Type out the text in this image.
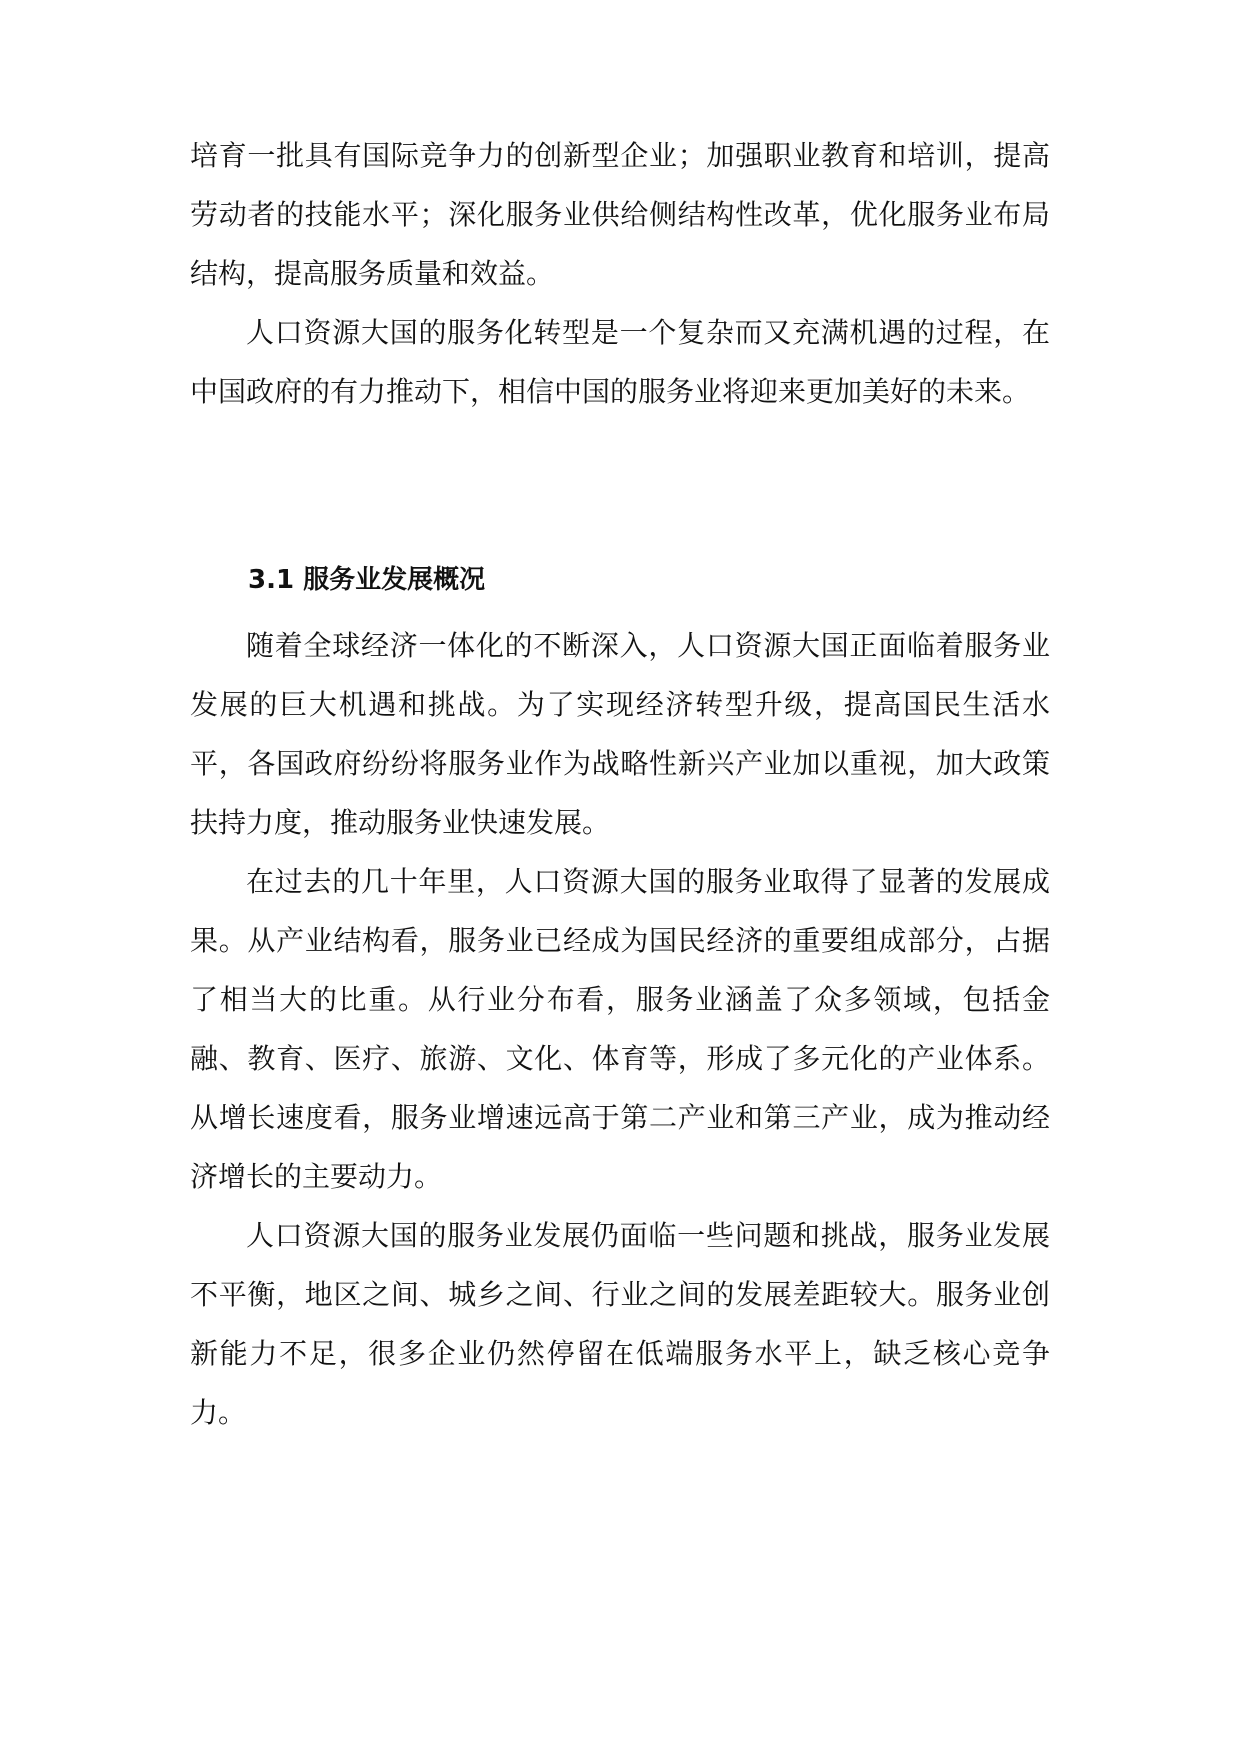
培育一批具有国际竞争力的创新型企业；加强职业教育和培训，提高劳动者的技能水平；深化服务业供给侧结构性改革，优化服务业布局结构，提高服务质量和效益。

人口资源大国的服务化转型是一个复杂而又充满机遇的过程，在中国政府的有力推动下，相信中国的服务业将迎来更加美好的未来。

3.1 服务业发展概况

随着全球经济一体化的不断深入，人口资源大国正面临着服务业发展的巨大机遇和挑战。为了实现经济转型升级，提高国民生活水平，各国政府纷纷将服务业作为战略性新兴产业加以重视，加大政策扶持力度，推动服务业快速发展。

在过去的几十年里，人口资源大国的服务业取得了显著的发展成果。从产业结构看，服务业已经成为国民经济的重要组成部分，占据了相当大的比重。从行业分布看，服务业涵盖了众多领域，包括金融、教育、医疗、旅游、文化、体育等，形成了多元化的产业体系。从增长速度看，服务业增速远高于第二产业和第三产业，成为推动经济增长的主要动力。

人口资源大国的服务业发展仍面临一些问题和挑战，服务业发展不平衡，地区之间、城乡之间、行业之间的发展差距较大。服务业创新能力不足，很多企业仍然停留在低端服务水平上，缺乏核心竞争力。
